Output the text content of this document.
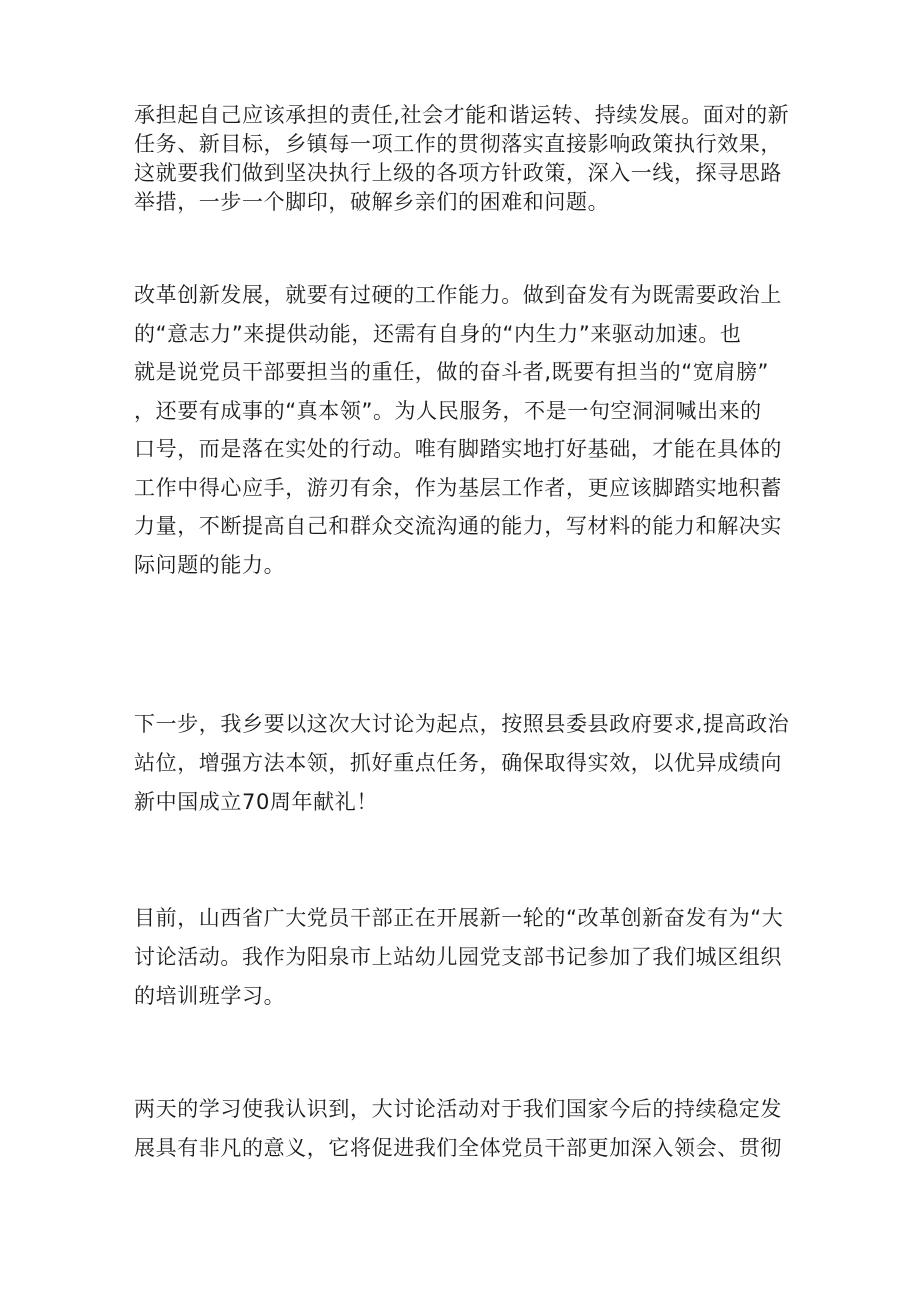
承担起自己应该承担的责任,社会才能和谐运转、持续发展。面对的新
任务、新目标，乡镇每一项工作的贯彻落实直接影响政策执行效果，
这就要我们做到坚决执行上级的各项方针政策，深入一线，探寻思路
举措，一步一个脚印，破解乡亲们的困难和问题。
改革创新发展，就要有过硬的工作能力。做到奋发有为既需要政治上
的“意志力”来提供动能，还需有自身的“内生力”来驱动加速。也
就是说党员干部要担当的重任，做的奋斗者,既要有担当的“宽肩膀”
，还要有成事的“真本领”。为人民服务，不是一句空洞洞喊出来的
口号，而是落在实处的行动。唯有脚踏实地打好基础，才能在具体的
工作中得心应手，游刃有余，作为基层工作者，更应该脚踏实地积蓄
力量，不断提高自己和群众交流沟通的能力，写材料的能力和解决实
际问题的能力。
下一步，我乡要以这次大讨论为起点，按照县委县政府要求,提高政治
站位，增强方法本领，抓好重点任务，确保取得实效，以优异成绩向
新中国成立70周年献礼！
目前，山西省广大党员干部正在开展新一轮的“改革创新奋发有为“大
讨论活动。我作为阳泉市上站幼儿园党支部书记参加了我们城区组织
的培训班学习。
两天的学习使我认识到，大讨论活动对于我们国家今后的持续稳定发
展具有非凡的意义，它将促进我们全体党员干部更加深入领会、贯彻
